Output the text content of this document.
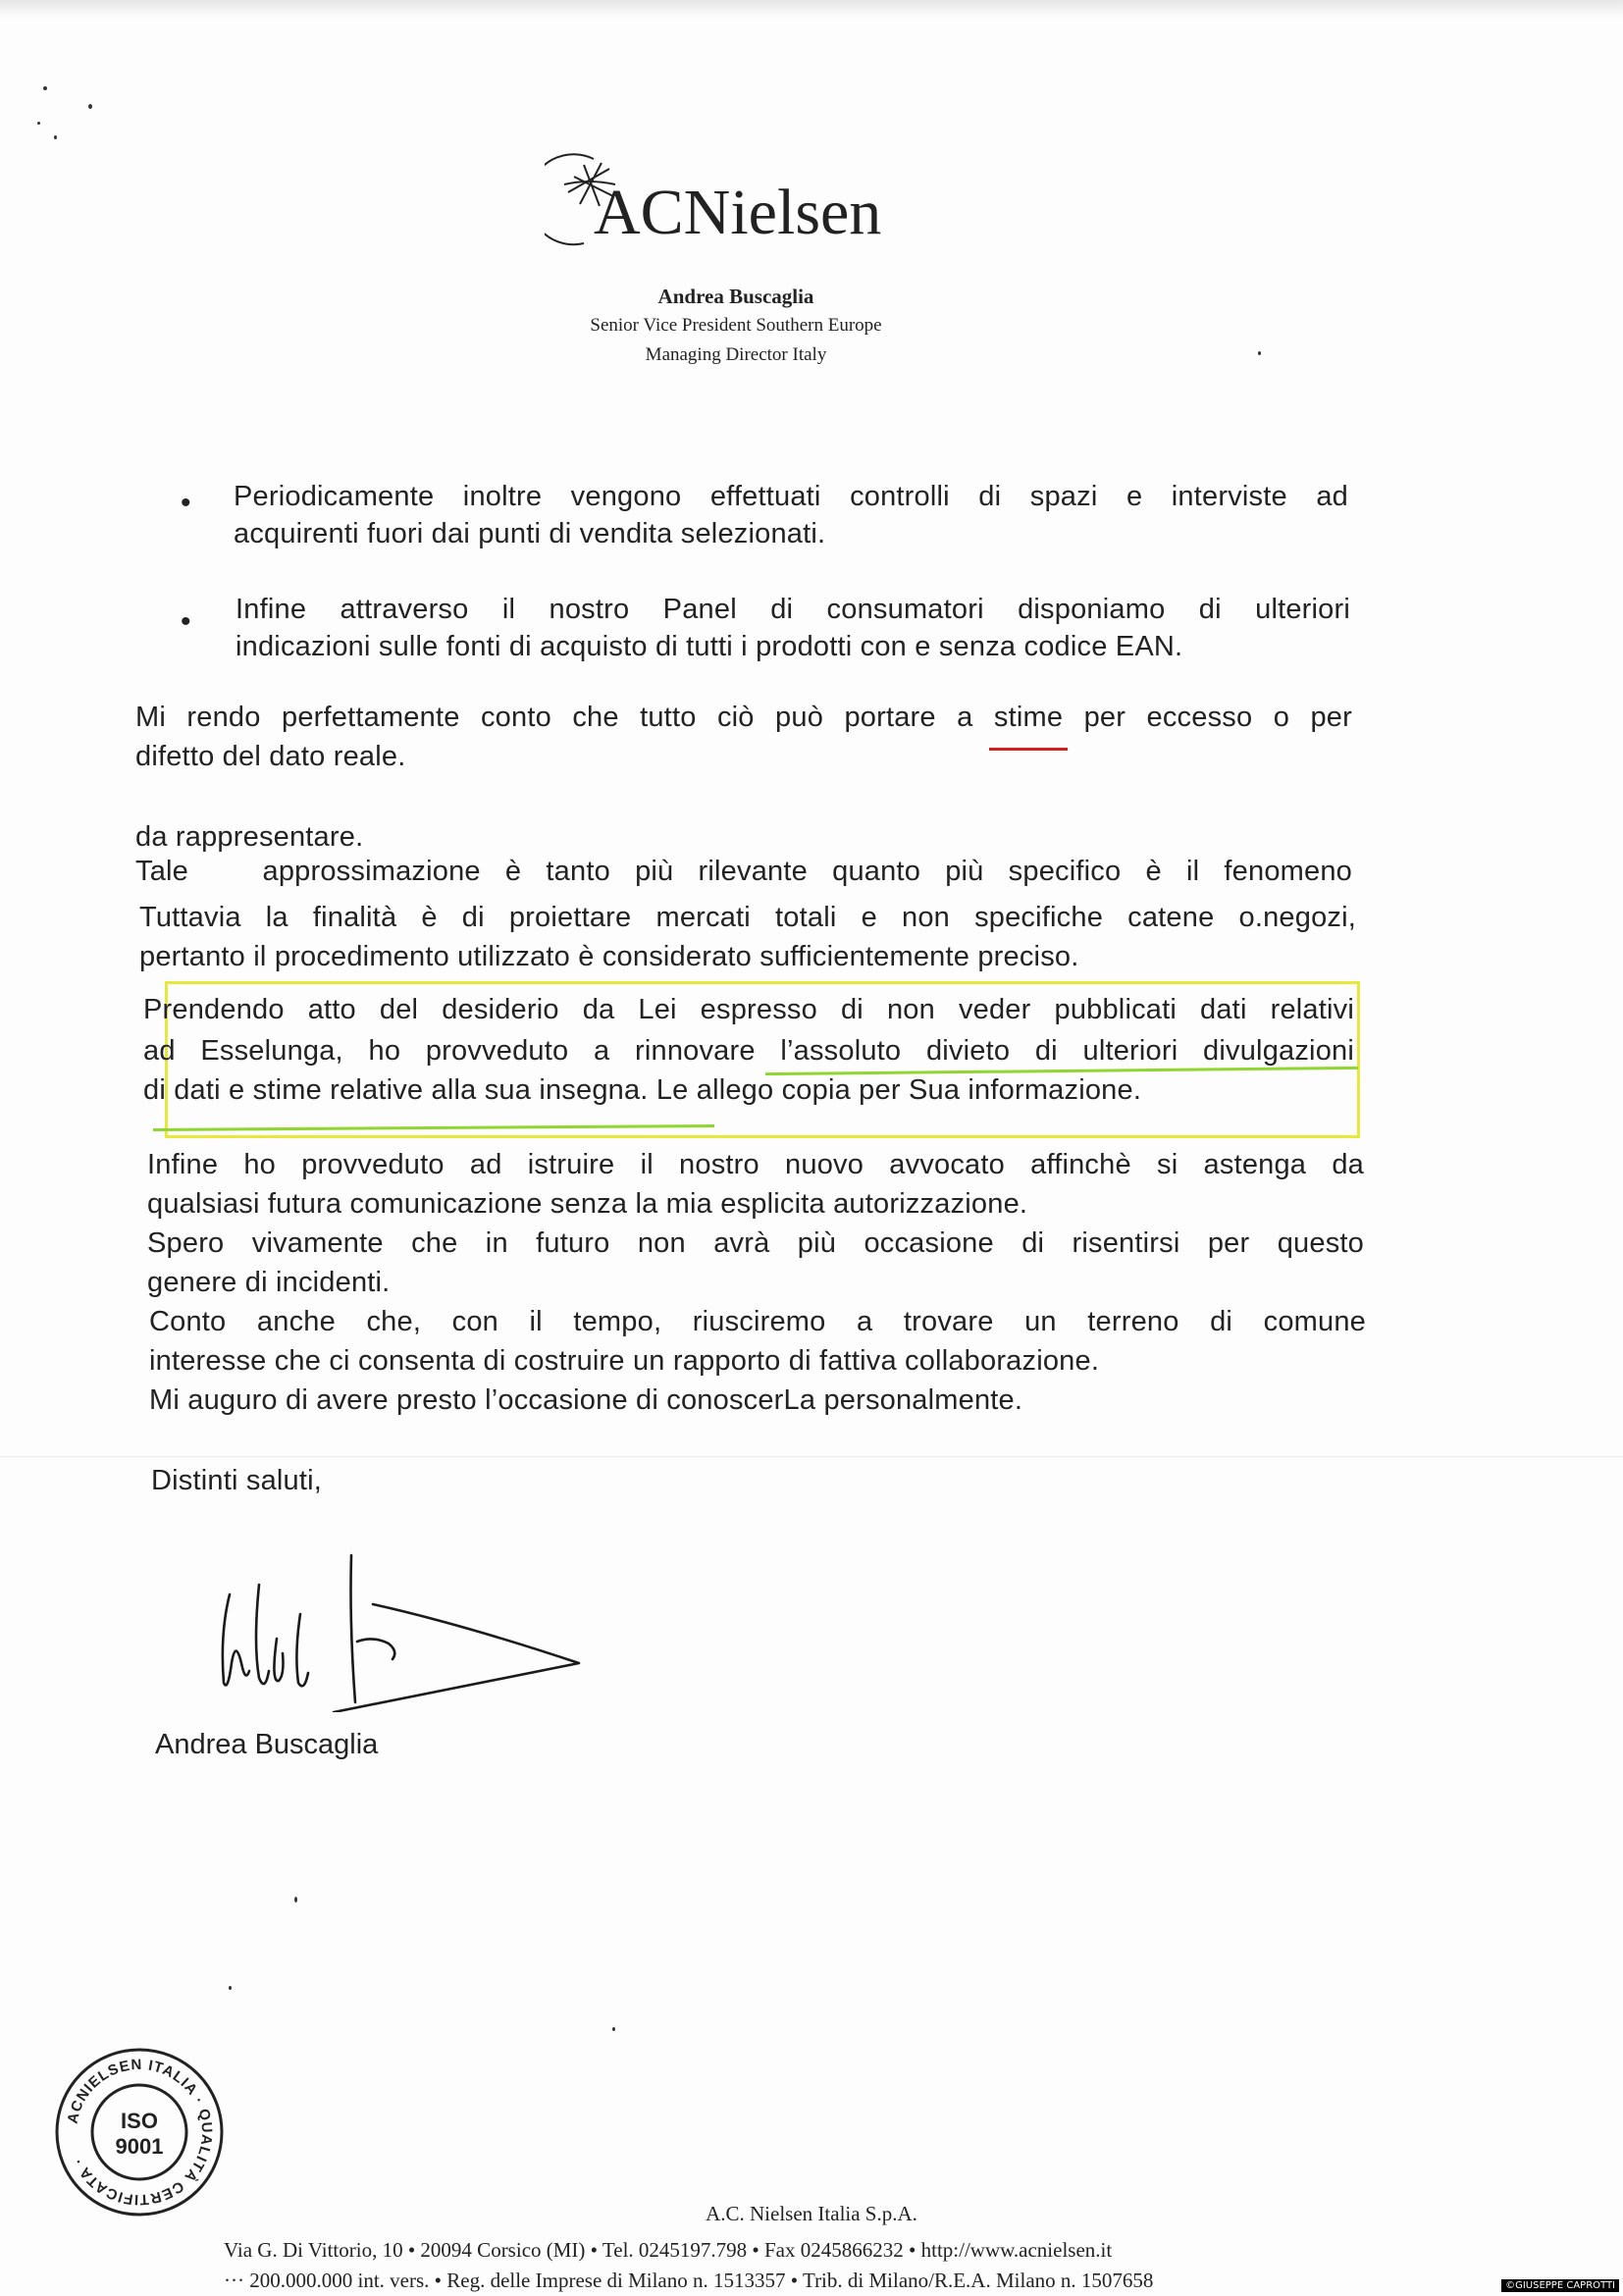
ACNielsen
Andrea Buscaglia
Senior Vice President Southern Europe
Managing Director Italy
• Periodicamente inoltre vengono effettuati controlli di spazi e interviste ad
acquirenti fuori dai punti di vendita selezionati.
• Infine attraverso il nostro Panel di consumatori disponiamo di ulteriori
indicazioni sulle fonti di acquisto di tutti i prodotti con e senza codice EAN.
Mi rendo perfettamente conto che tutto ciò può portare a stime per eccesso o per
difetto del dato reale.

Tale   approssimazione è tanto più rilevante quanto più specifico è il fenomeno

da rappresentare.
Tuttavia la finalità è di proiettare mercati totali e non specifiche catene o.negozi,
pertanto il procedimento utilizzato è considerato sufficientemente preciso.
Prendendo atto del desiderio da Lei espresso di non veder pubblicati dati relativi
ad Esselunga, ho provveduto a rinnovare l’assoluto divieto di ulteriori divulgazioni
di dati e stime relative alla sua insegna. Le allego copia per Sua informazione.
Infine ho provveduto ad istruire il nostro nuovo avvocato affinchè si astenga da
qualsiasi futura comunicazione senza la mia esplicita autorizzazione.
Spero vivamente che in futuro non avrà più occasione di risentirsi per questo
genere di incidenti.
Conto anche che, con il tempo, riusciremo a trovare un terreno di comune
interesse che ci consenta di costruire un rapporto di fattiva collaborazione.
Mi auguro di avere presto l’occasione di conoscerLa personalmente.
Distinti saluti,
Andrea Buscaglia
ACNIELSEN ITALIA · QUALITÀ CERTIFICATA ·
ISO
9001
A.C. Nielsen Italia S.p.A.
Via G. Di Vittorio, 10 • 20094 Corsico (MI) • Tel. 0245197.798 • Fax 0245866232 • http://www.acnielsen.it
··· 200.000.000 int. vers. • Reg. delle Imprese di Milano n. 1513357 • Trib. di Milano/R.E.A. Milano n. 1507658	©GIUSEPPE CAPROTTI
